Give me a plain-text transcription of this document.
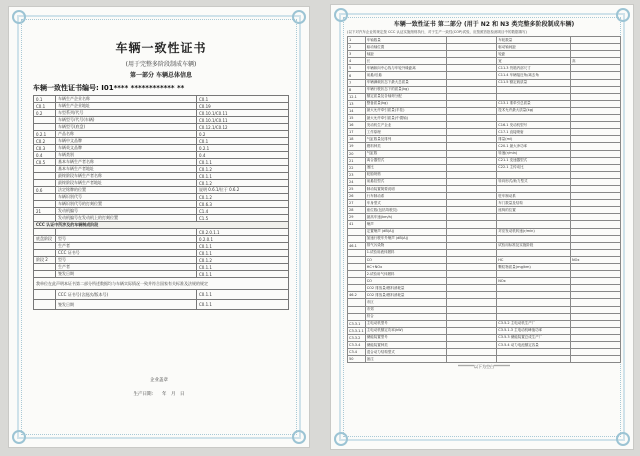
车辆一致性证书
(用于完整多阶段制成车辆)
第一部分 车辆总体信息
车辆一致性证书编号: I01**** ************ **
0.1	车辆生产企业名称	C0.1
C0.1	车辆生产企业地址	C0.19
0.2	车型系列/代号	C0.10.1/C0.11
	车辆型号/代号(车辆)	C0.10.1/C0.11
	车辆型号(底盘)	C0.12.1/C0.12
0.2.1	产品名称	0.2
C0.2	车辆中文品牌	C0.1
C0.3	车辆英文品牌	0.2.1
0.4	车辆类别	0.4
C0.5	基本车辆生产者名称	C0.1.1
	基本车辆生产者地址	C0.1.2
	最终阶段车辆生产者名称	C0.1.1
	最终阶段车辆生产者地址	C0.1.2
0.6	法定铭牌的位置	说明 0.6.1/位于 0.6.2
	车辆识别代号	C0.1.2
	车辆识别代号的打刻位置	C0.6.3
21	发动机编号	C1.4
	发动机编号在发动机上的打刻位置	C1.5
CCC 认证中所涉及的车辆制成阶段		
		C0.2.0.1.1
底盘阶段	型号	0.2.0.1
	生产者	C0.1.1
	CCC 证书号	C0.1.1
阶段 2	型号	C0.1.2
	生产者	C0.1.1
	签发日期	C0.1.1
我单位在此声明本证书第二部分所述数据均与车辆实际情况一致并符合国家有关标准及法规的规定		
	CCC 证书号(含批次/版本号)	C0.1.1
	签发日期	C0.1.1
企业盖章
生产日期:　　年　月　日
车辆一致性证书 第二部分 (用于 N2 和 N3 类完整多阶段制成车辆)
(以下对汽车企业的规定按 CCC 认证实施细则执行，对于生产一致性(COP)试验，应按照首批检测项目中的数据填写)
1	车轴数量		车轮数量	
2	驱动轴位置		驱动轴间距	
3	轴距		轮距	
4	长		宽	高
5	车辆纵向中心线与车轮外缘距离		C11.3 货箱内部尺寸	
6	前悬/后悬		C11.4 车辆接近角/离去角	
7	车辆满载状态下最大总质量		C11.5 额定载质量	
8	车辆行驶状态下的质量(kg)			
12.1	额定质量及各轴荷分配			
13	整备质量(kg)		C13.1 准牵引总质量	
14	最大允许牵引质量(半挂)		技术允许最大质量(kg)	
15	最大允许牵引质量(中置轴)			
16	发动机生产企业		C16.1 发动机型号	
17	工作原理		C17.1 直接喷射	
18	气缸数量及排列		排量(ml)	
19	燃料种类		C20.1 最大净功率	
20	气缸数		转速(r/min)	
21	离合器型式		C21.1 变速器型式	
22	速比		C22.1 主传动比	
23	轮胎规格			
24	前悬挂型式		转向形式/助力型式	
25	制动装置简要说明			
26	行车制动系		驻车制动系	
27	车身型式		车门数量及结构	
28	座位数(包括驾驶员)		座椅的位置	
29	最高车速(km/h)			
41	噪声			
	定置噪声 (dB(A))		对应发动机转速(r/min)	
	加速行驶车外噪声 (dB(A))			
46.1	排气污染物		试验用标准及实施阶段	
	1.试验用液体燃料			
	CO		HC	NOx
	HC+NOx		颗粒物质量(mg/km)	
	2.试验用气体燃料			
	CO		NOx	
	CO2 排放量/燃料消耗量			
46.2	CO2 排放量/燃料消耗量			
	市区			
	市郊			
	综合			
C3.3.1	主电动机型号		C3.5.2 主电动机生产厂	
C3.3.1.1	主电动机额定功率(kW)		C3.5.1.3 主电动机峰值功率	
C3.3.2	储能装置型号		C3.5.3 储能装置总成生产厂	
C3.3.4	储能装置种类		C3.5.4 动力电池额定容量	
C3.4	混合动力结构型式			
50	备注			
********以下为空白********
